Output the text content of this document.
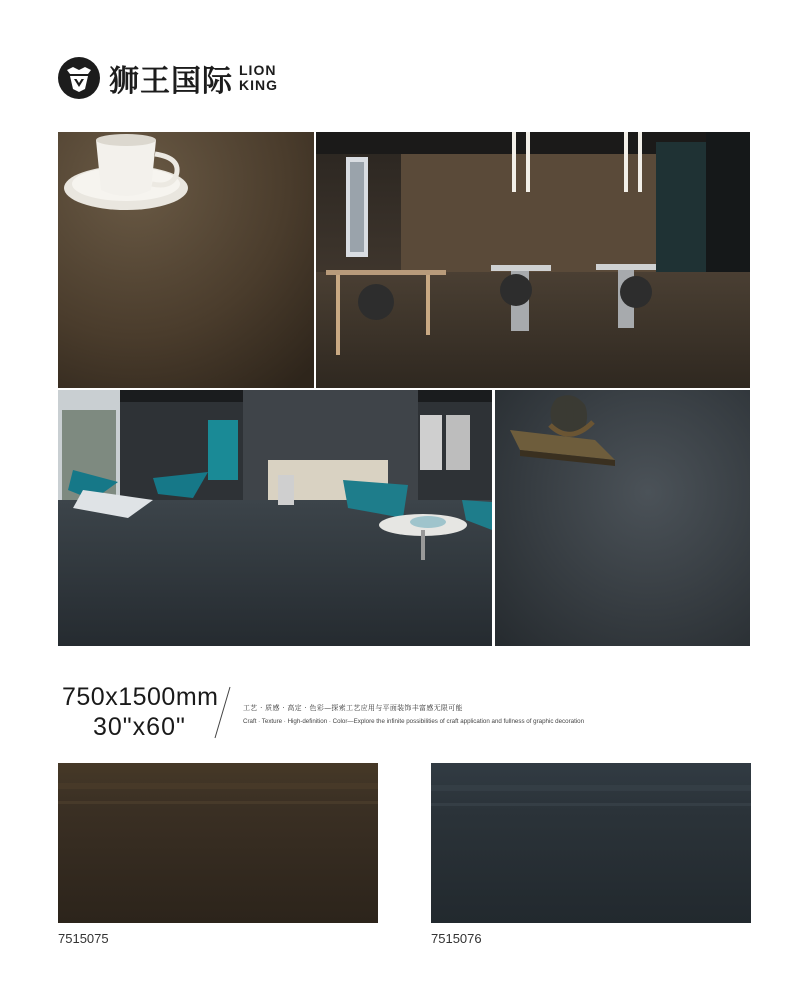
狮王国际 LION
KING
750x1500mm
30"x60"
工艺 · 质感 · 高定 · 色彩—探索工艺应用与平面装饰丰富感无限可能
Craft · Texture · High-definition · Color—Explore the infinite possibilities of craft application and fullness of graphic decoration
7515075	7515076
